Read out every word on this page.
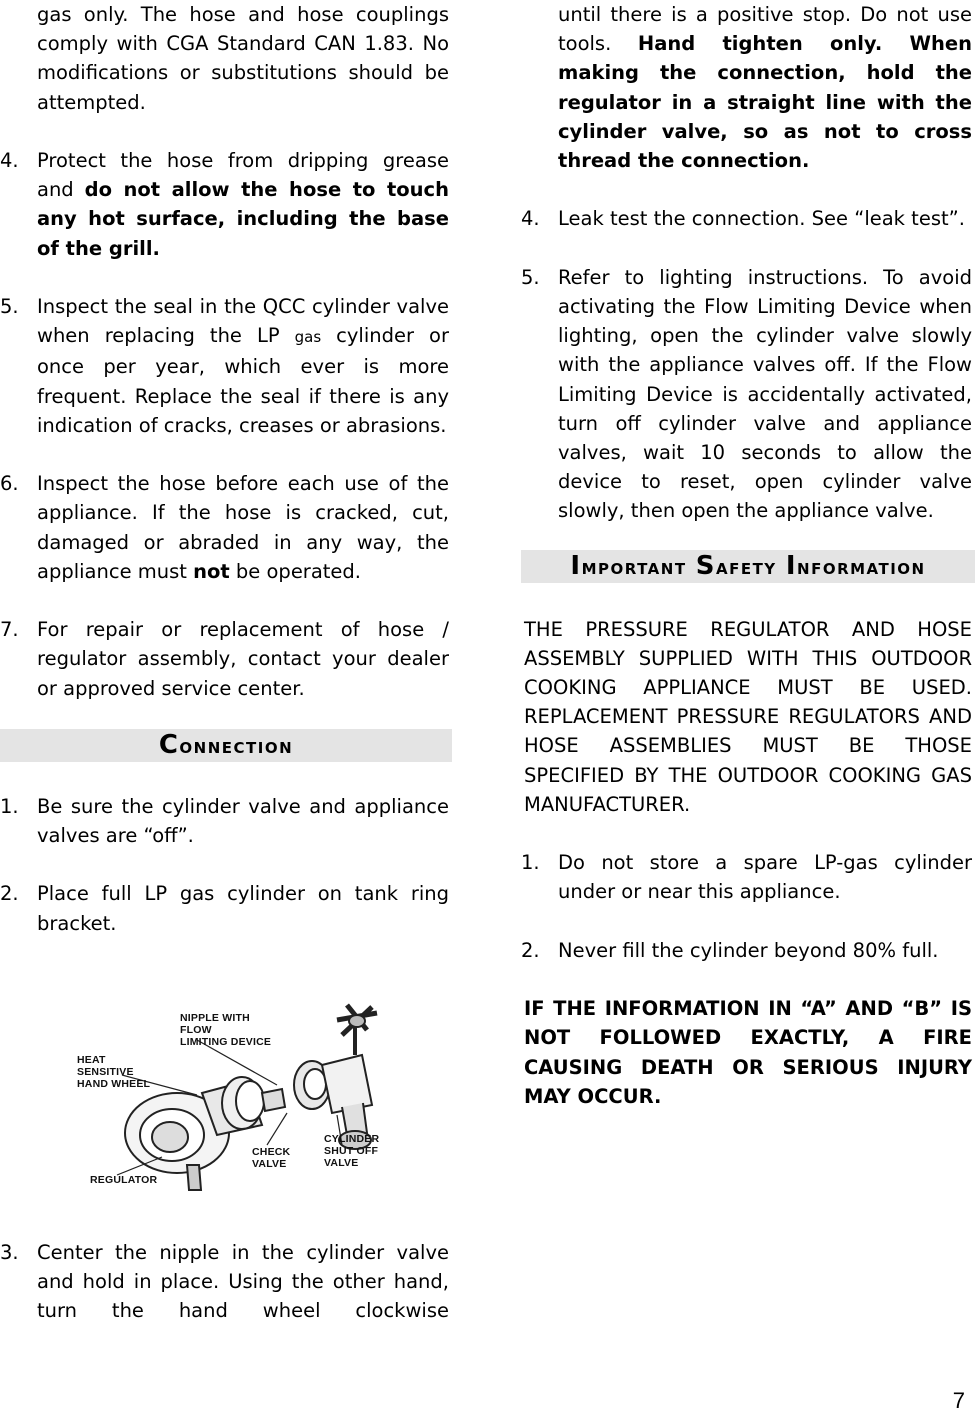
gas only. The hose and hose couplings comply with CGA Standard CAN 1.83. No modifications or substitutions should be attempted.

4. Protect the hose from dripping grease and do not allow the hose to touch any hot surface, including the base of the grill.

5. Inspect the seal in the QCC cylinder valve when replacing the LP gas cylinder or once per year, which ever is more frequent. Replace the seal if there is any indication of cracks, creases or abrasions.

6. Inspect the hose before each use of the appliance. If the hose is cracked, cut, damaged or abraded in any way, the appliance must not be operated.

7. For repair or replacement of hose / regulator assembly, contact your dealer or approved service center.

Connection
1. Be sure the cylinder valve and appliance valves are “off”.

2. Place full LP gas cylinder on tank ring bracket.

NIPPLE WITH
FLOW
LIMITING DEVICE
HEAT
SENSITIVE
HAND WHEEL
REGULATOR
CHECK
VALVE
CYLINDER
SHUT OFF
VALVE
3. Center the nipple in the cylinder valve and hold in place. Using the other hand, turn the hand wheel clockwise

until there is a positive stop. Do not use tools. Hand tighten only. When making the connection, hold the regulator in a straight line with the cylinder valve, so as not to cross thread the connection.

4. Leak test the connection. See “leak test”.

5. Refer to lighting instructions. To avoid activating the Flow Limiting Device when lighting, open the cylinder valve slowly with the appliance valves off. If the Flow Limiting Device is accidentally activated, turn off cylinder valve and appliance valves, wait 10 seconds to allow the device to reset, open cylinder valve slowly, then open the appliance valve.

Important Safety Information

THE PRESSURE REGULATOR AND HOSE ASSEMBLY SUPPLIED WITH THIS OUTDOOR COOKING APPLIANCE MUST BE USED. REPLACEMENT PRESSURE REGULATORS AND HOSE ASSEMBLIES MUST BE THOSE SPECIFIED BY THE OUTDOOR COOKING GAS MANUFACTURER.

1. Do not store a spare LP-gas cylinder under or near this appliance.

2. Never fill the cylinder beyond 80% full.

IF THE INFORMATION IN “A” AND “B” IS NOT FOLLOWED EXACTLY, A FIRE CAUSING DEATH OR SERIOUS INJURY MAY OCCUR.

7
